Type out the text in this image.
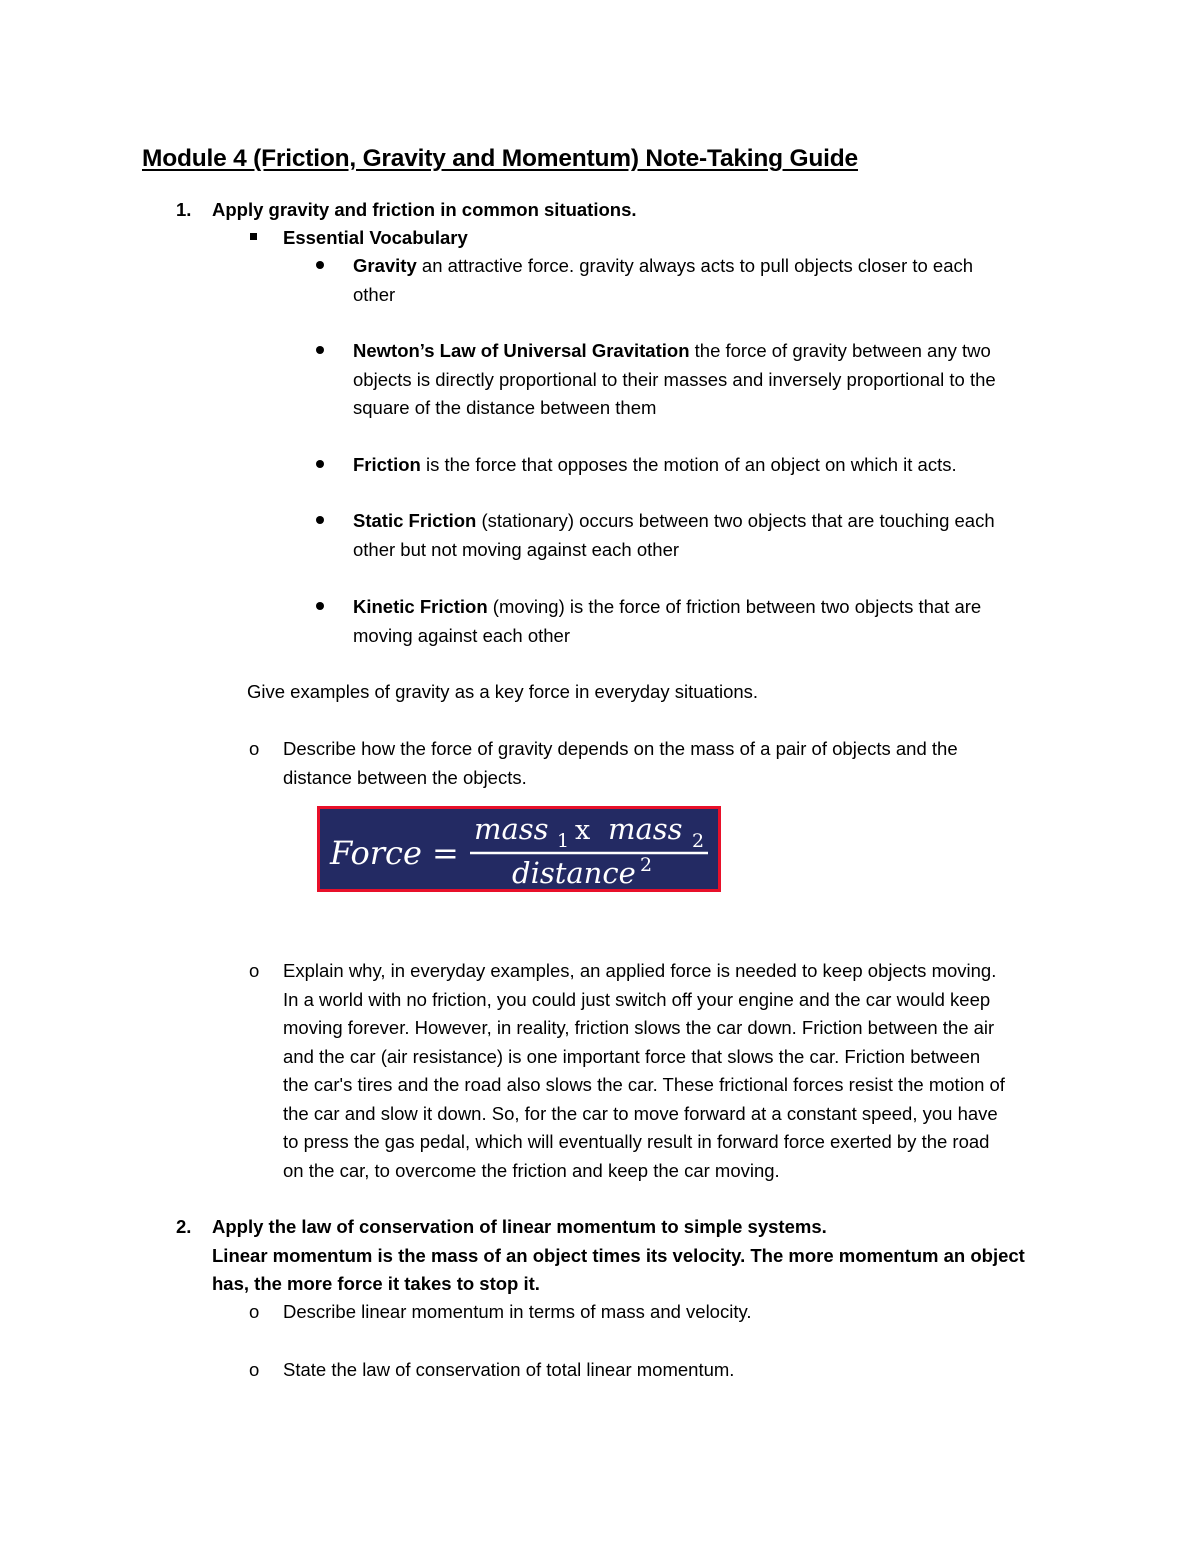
Module 4 (Friction, Gravity and Momentum) Note-Taking Guide
1. Apply gravity and friction in common situations.
Essential Vocabulary
Gravity an attractive force. gravity always acts to pull objects closer to each
other
Newton’s Law of Universal Gravitation the force of gravity between any two
objects is directly proportional to their masses and inversely proportional to the
square of the distance between them
Friction is the force that opposes the motion of an object on which it acts.
Static Friction (stationary) occurs between two objects that are touching each
other but not moving against each other
Kinetic Friction (moving) is the force of friction between two objects that are
moving against each other
Give examples of gravity as a key force in everyday situations.
o Describe how the force of gravity depends on the mass of a pair of objects and the
distance between the objects.
Force =
mass 1 x mass 2
distance 2
o Explain why, in everyday examples, an applied force is needed to keep objects moving.
In a world with no friction, you could just switch off your engine and the car would keep
moving forever. However, in reality, friction slows the car down. Friction between the air
and the car (air resistance) is one important force that slows the car. Friction between
the car's tires and the road also slows the car. These frictional forces resist the motion of
the car and slow it down. So, for the car to move forward at a constant speed, you have
to press the gas pedal, which will eventually result in forward force exerted by the road
on the car, to overcome the friction and keep the car moving.
2. Apply the law of conservation of linear momentum to simple systems.
Linear momentum is the mass of an object times its velocity. The more momentum an object
has, the more force it takes to stop it.
o Describe linear momentum in terms of mass and velocity.
o State the law of conservation of total linear momentum.
